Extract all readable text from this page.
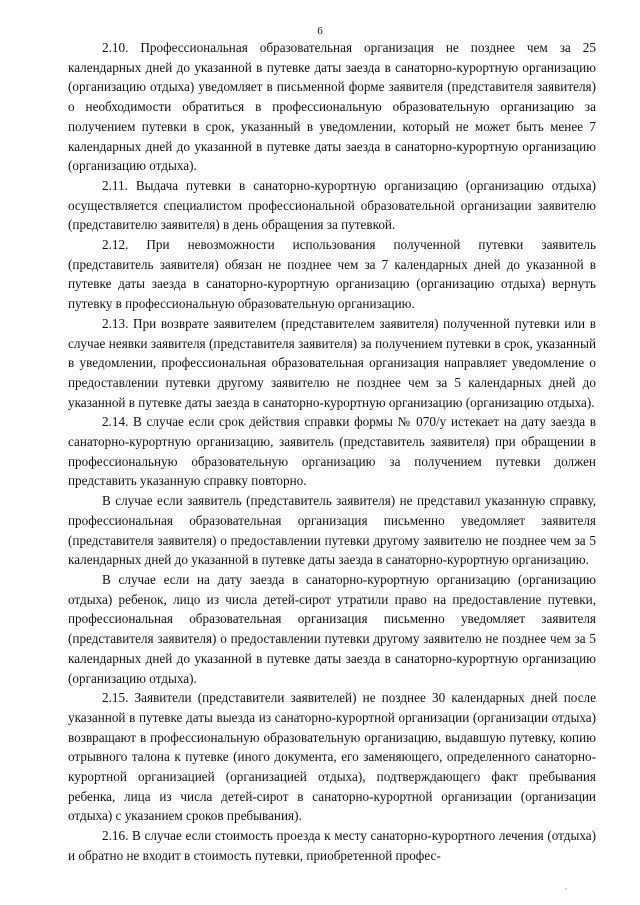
6

2.10. Профессиональная образовательная организация не позднее чем за 25 календарных дней до указанной в путевке даты заезда в санаторно-курортную организацию (организацию отдыха) уведомляет в письменной форме заявителя (представителя заявителя) о необходимости обратиться в профессиональную образовательную организацию за получением путевки в срок, указанный в уведомлении, который не может быть менее 7 календарных дней до указанной в путевке даты заезда в санаторно-курортную организацию (организацию отдыха).

2.11. Выдача путевки в санаторно-курортную организацию (организацию отдыха) осуществляется специалистом профессиональной образовательной организации заявителю (представителю заявителя) в день обращения за путевкой.

2.12. При невозможности использования полученной путевки заявитель (представитель заявителя) обязан не позднее чем за 7 календарных дней до указанной в путевке даты заезда в санаторно-курортную организацию (организацию отдыха) вернуть путевку в профессиональную образовательную организацию.

2.13. При возврате заявителем (представителем заявителя) полученной путевки или в случае неявки заявителя (представителя заявителя) за получением путевки в срок, указанный в уведомлении, профессиональная образовательная организация направляет уведомление о предоставлении путевки другому заявителю не позднее чем за 5 календарных дней до указанной в путевке даты заезда в санаторно-курортную организацию (организацию отдыха).

2.14. В случае если срок действия справки формы № 070/у истекает на дату заезда в санаторно-курортную организацию, заявитель (представитель заявителя) при обращении в профессиональную образовательную организацию за получением путевки должен представить указанную справку повторно.

В случае если заявитель (представитель заявителя) не представил указанную справку, профессиональная образовательная организация письменно уведомляет заявителя (представителя заявителя) о предоставлении путевки другому заявителю не позднее чем за 5 календарных дней до указанной в путевке даты заезда в санаторно-курортную организацию.

В случае если на дату заезда в санаторно-курортную организацию (организацию отдыха) ребенок, лицо из числа детей-сирот утратили право на предоставление путевки, профессиональная образовательная организация письменно уведомляет заявителя (представителя заявителя) о предоставлении путевки другому заявителю не позднее чем за 5 календарных дней до указанной в путевке даты заезда в санаторно-курортную организацию (организацию отдыха).

2.15. Заявители (представители заявителей) не позднее 30 календарных дней после указанной в путевке даты выезда из санаторно-курортной организации (организации отдыха) возвращают в профессиональную образовательную организацию, выдавшую путевку, копию отрывного талона к путевке (иного документа, его заменяющего, определенного санаторно-курортной организацией (организацией отдыха), подтверждающего факт пребывания ребенка, лица из числа детей-сирот в санаторно-курортной организации (организации отдыха) с указанием сроков пребывания).

2.16. В случае если стоимость проезда к месту санаторно-курортного лечения (отдыха) и обратно не входит в стоимость путевки, приобретенной профес-
